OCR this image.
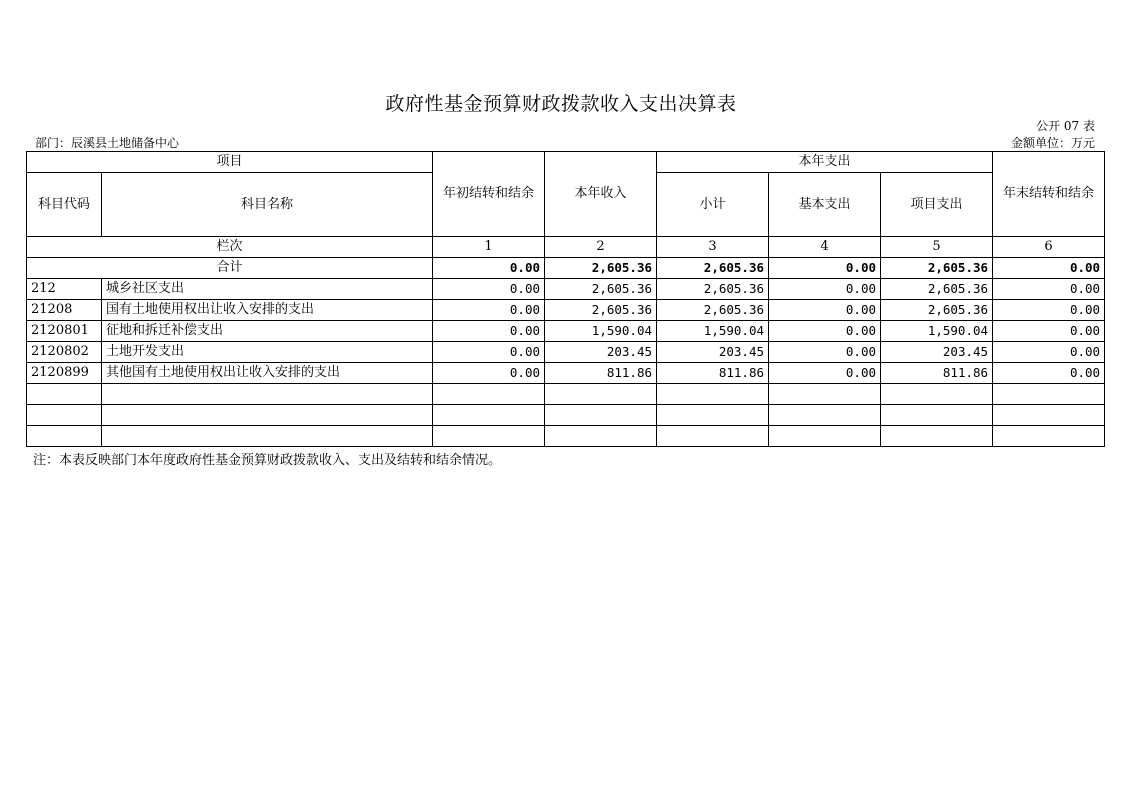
政府性基金预算财政拨款收入支出决算表
公开 07 表
部门：辰溪县土地储备中心	金额单位：万元
项目		年初结转和结余	本年收入	本年支出			年末结转和结余
科目代码	科目名称			小计	基本支出	项目支出	
栏次		1	2	3	4	5	6
合计		0.00	2,605.36	2,605.36	0.00	2,605.36	0.00
212	城乡社区支出	0.00	2,605.36	2,605.36	0.00	2,605.36	0.00
21208	国有土地使用权出让收入安排的支出	0.00	2,605.36	2,605.36	0.00	2,605.36	0.00
2120801	征地和拆迁补偿支出	0.00	1,590.04	1,590.04	0.00	1,590.04	0.00
2120802	土地开发支出	0.00	203.45	203.45	0.00	203.45	0.00
2120899	其他国有土地使用权出让收入安排的支出	0.00	811.86	811.86	0.00	811.86	0.00

注：本表反映部门本年度政府性基金预算财政拨款收入、支出及结转和结余情况。
